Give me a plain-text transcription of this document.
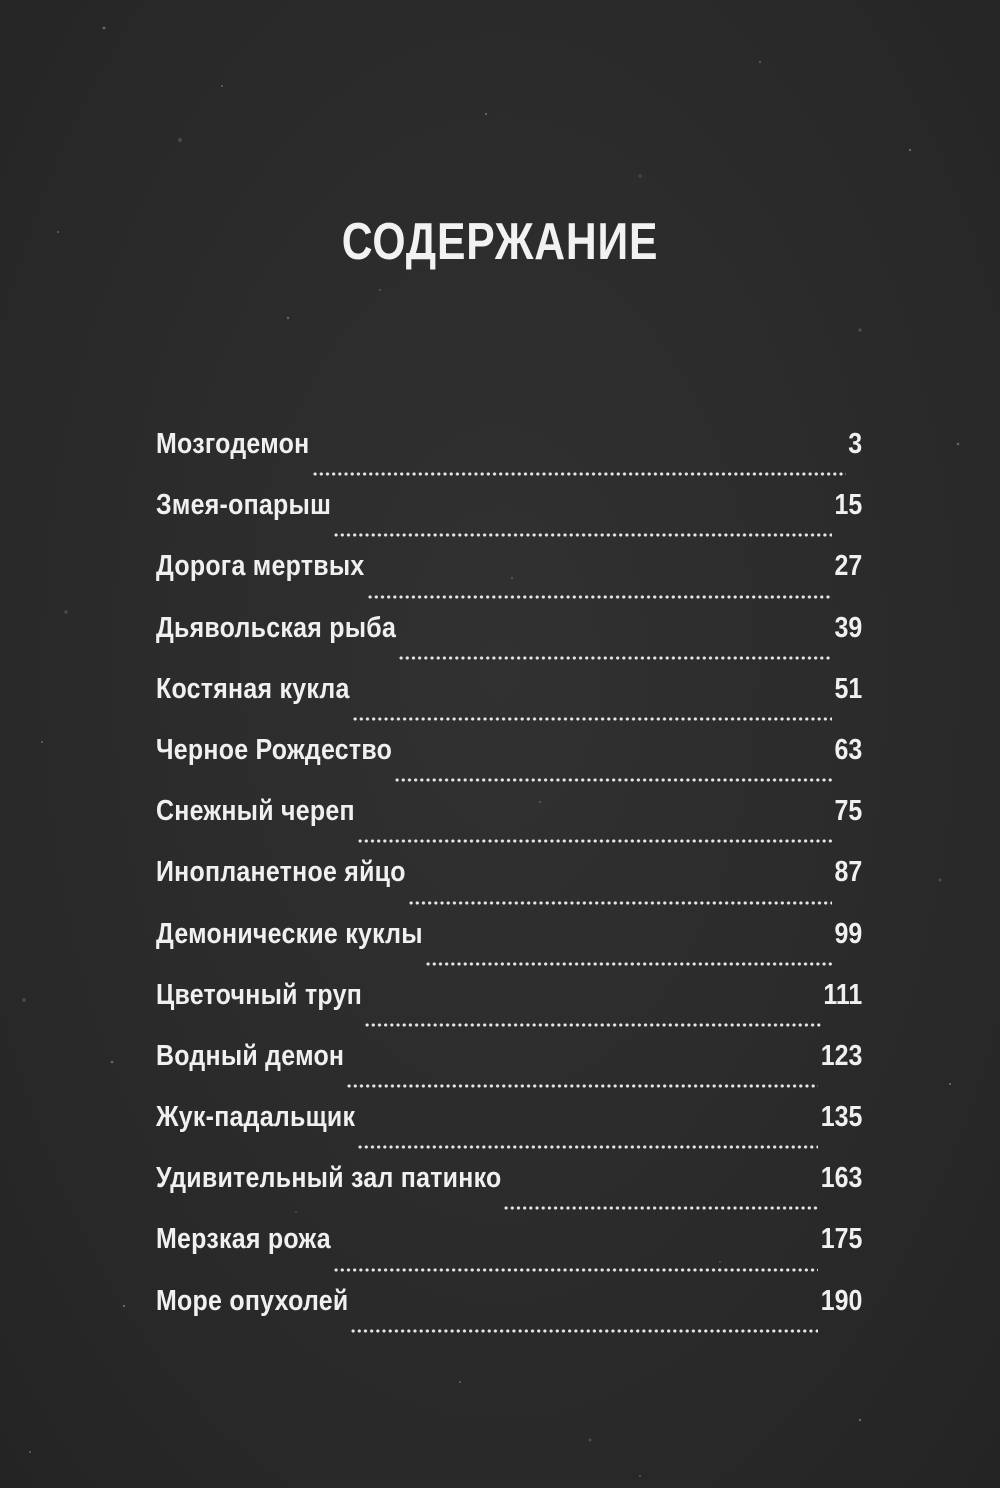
СОДЕРЖАНИЕ
Мозгодемон	3
Змея-опарыш	15
Дорога мертвых	27
Дьявольская рыба	39
Костяная кукла	51
Черное Рождество	63
Снежный череп	75
Инопланетное яйцо	87
Демонические куклы	99
Цветочный труп	111
Водный демон	123
Жук-падальщик	135
Удивительный зал патинко	163
Мерзкая рожа	175
Море опухолей	190
